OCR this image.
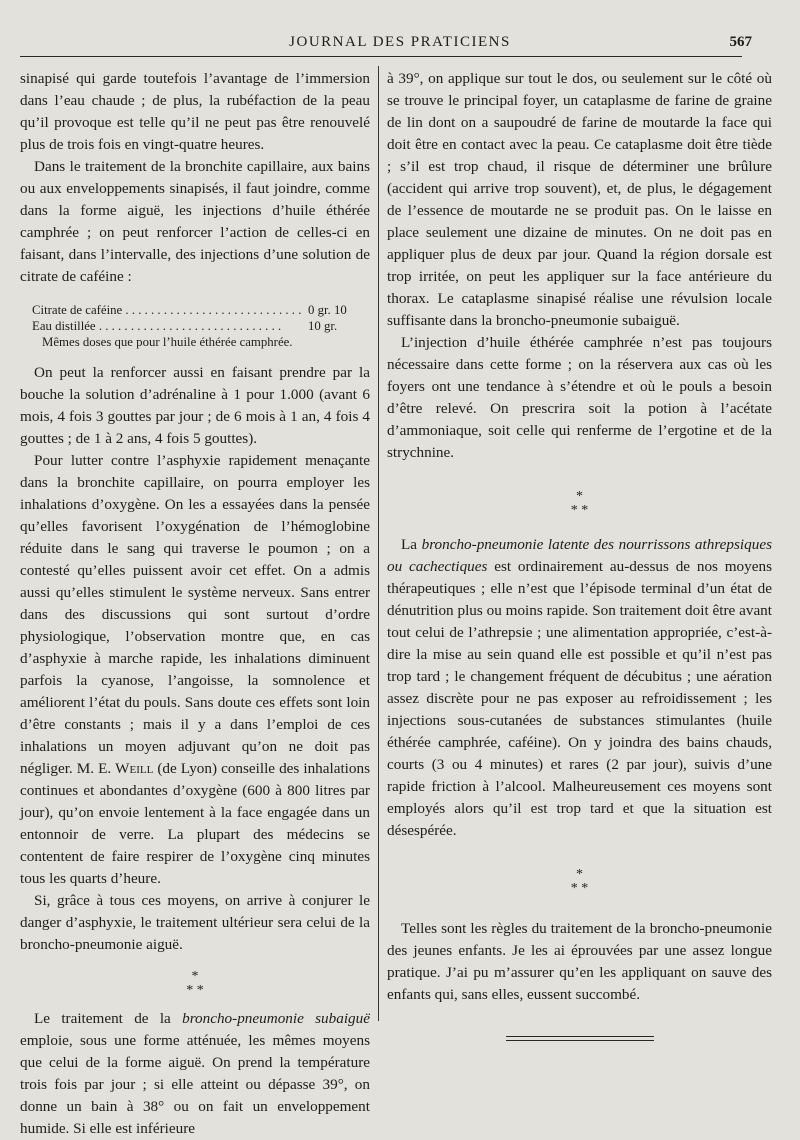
JOURNAL DES PRATICIENS	567

sinapisé qui garde toutefois l’avantage de l’immersion dans l’eau chaude ; de plus, la rubéfaction de la peau qu’il provoque est telle qu’il ne peut pas être renouvelé plus de trois fois en vingt-quatre heures.

Dans le traitement de la bronchite capillaire, aux bains ou aux enveloppements sinapisés, il faut joindre, comme dans la forme aiguë, les injections d’huile éthérée camphrée ; on peut renforcer l’action de celles-ci en faisant, dans l’intervalle, des injections d’une solution de citrate de caféine :

Citrate de caféine . . .	0 gr. 10
Eau distillée . . .	10 gr.
Mêmes doses que pour l’huile éthérée camphrée.

On peut la renforcer aussi en faisant prendre par la bouche la solution d’adrénaline à 1 pour 1.000 (avant 6 mois, 4 fois 3 gouttes par jour ; de 6 mois à 1 an, 4 fois 4 gouttes ; de 1 à 2 ans, 4 fois 5 gouttes).

Pour lutter contre l’asphyxie rapidement menaçante dans la bronchite capillaire, on pourra employer les inhalations d’oxygène. On les a essayées dans la pensée qu’elles favorisent l’oxygénation de l’hémoglobine réduite dans le sang qui traverse le poumon ; on a contesté qu’elles puissent avoir cet effet. On a admis aussi qu’elles stimulent le système nerveux. Sans entrer dans des discussions qui sont surtout d’ordre physiologique, l’observation montre que, en cas d’asphyxie à marche rapide, les inhalations diminuent parfois la cyanose, l’angoisse, la somnolence et améliorent l’état du pouls. Sans doute ces effets sont loin d’être constants ; mais il y a dans l’emploi de ces inhalations un moyen adjuvant qu’on ne doit pas négliger. M. E. Weill (de Lyon) conseille des inhalations continues et abondantes d’oxygène (600 à 800 litres par jour), qu’on envoie lentement à la face engagée dans un entonnoir de verre. La plupart des médecins se contentent de faire respirer de l’oxygène cinq minutes tous les quarts d’heure.

Si, grâce à tous ces moyens, on arrive à conjurer le danger d’asphyxie, le traitement ultérieur sera celui de la broncho-pneumonie aiguë.

*
* *

Le traitement de la broncho-pneumonie subaiguë emploie, sous une forme atténuée, les mêmes moyens que celui de la forme aiguë. On prend la température trois fois par jour ; si elle atteint ou dépasse 39°, on donne un bain à 38° ou on fait un enveloppement humide. Si elle est inférieure

à 39°, on applique sur tout le dos, ou seulement sur le côté où se trouve le principal foyer, un cataplasme de farine de graine de lin dont on a saupoudré de farine de moutarde la face qui doit être en contact avec la peau. Ce cataplasme doit être tiède ; s’il est trop chaud, il risque de déterminer une brûlure (accident qui arrive trop souvent), et, de plus, le dégagement de l’essence de moutarde ne se produit pas. On le laisse en place seulement une dizaine de minutes. On ne doit pas en appliquer plus de deux par jour. Quand la région dorsale est trop irritée, on peut les appliquer sur la face antérieure du thorax. Le cataplasme sinapisé réalise une révulsion locale suffisante dans la broncho-pneumonie subaiguë.

L’injection d’huile éthérée camphrée n’est pas toujours nécessaire dans cette forme ; on la réservera aux cas où les foyers ont une tendance à s’étendre et où le pouls a besoin d’être relevé. On prescrira soit la potion à l’acétate d’ammoniaque, soit celle qui renferme de l’ergotine et de la strychnine.

*
* *

La broncho-pneumonie latente des nourrissons athrepsiques ou cachectiques est ordinairement au-dessus de nos moyens thérapeutiques ; elle n’est que l’épisode terminal d’un état de dénutrition plus ou moins rapide. Son traitement doit être avant tout celui de l’athrepsie ; une alimentation appropriée, c’est-à-dire la mise au sein quand elle est possible et qu’il n’est pas trop tard ; le changement fréquent de décubitus ; une aération assez discrète pour ne pas exposer au refroidissement ; les injections sous-cutanées de substances stimulantes (huile éthérée camphrée, caféine). On y joindra des bains chauds, courts (3 ou 4 minutes) et rares (2 par jour), suivis d’une rapide friction à l’alcool. Malheureusement ces moyens sont employés alors qu’il est trop tard et que la situation est désespérée.

*
* *

Telles sont les règles du traitement de la broncho-pneumonie des jeunes enfants. Je les ai éprouvées par une assez longue pratique. J’ai pu m’assurer qu’en les appliquant on sauve des enfants qui, sans elles, eussent succombé.
